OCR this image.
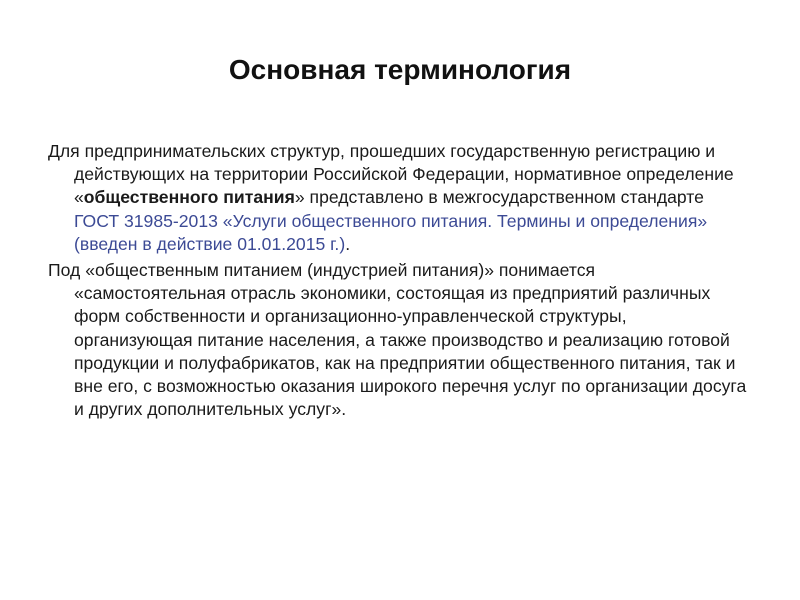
Основная терминология

Для предпринимательских структур, прошедших государственную регистрацию и действующих на территории Российской Федерации, нормативное определение «общественного питания» представлено в межгосударственном стандарте ГОСТ 31985-2013 «Услуги общественного питания. Термины и определения» (введен в действие 01.01.2015 г.).

Под «общественным питанием (индустрией питания)» понимается «самостоятельная отрасль экономики, состоящая из предприятий различных форм собственности и организационно-управленческой структуры, организующая питание населения, а также производство и реализацию готовой продукции и полуфабрикатов, как на предприятии общественного питания, так и вне его, с возможностью оказания широкого перечня услуг по организации досуга и других дополнительных услуг».
